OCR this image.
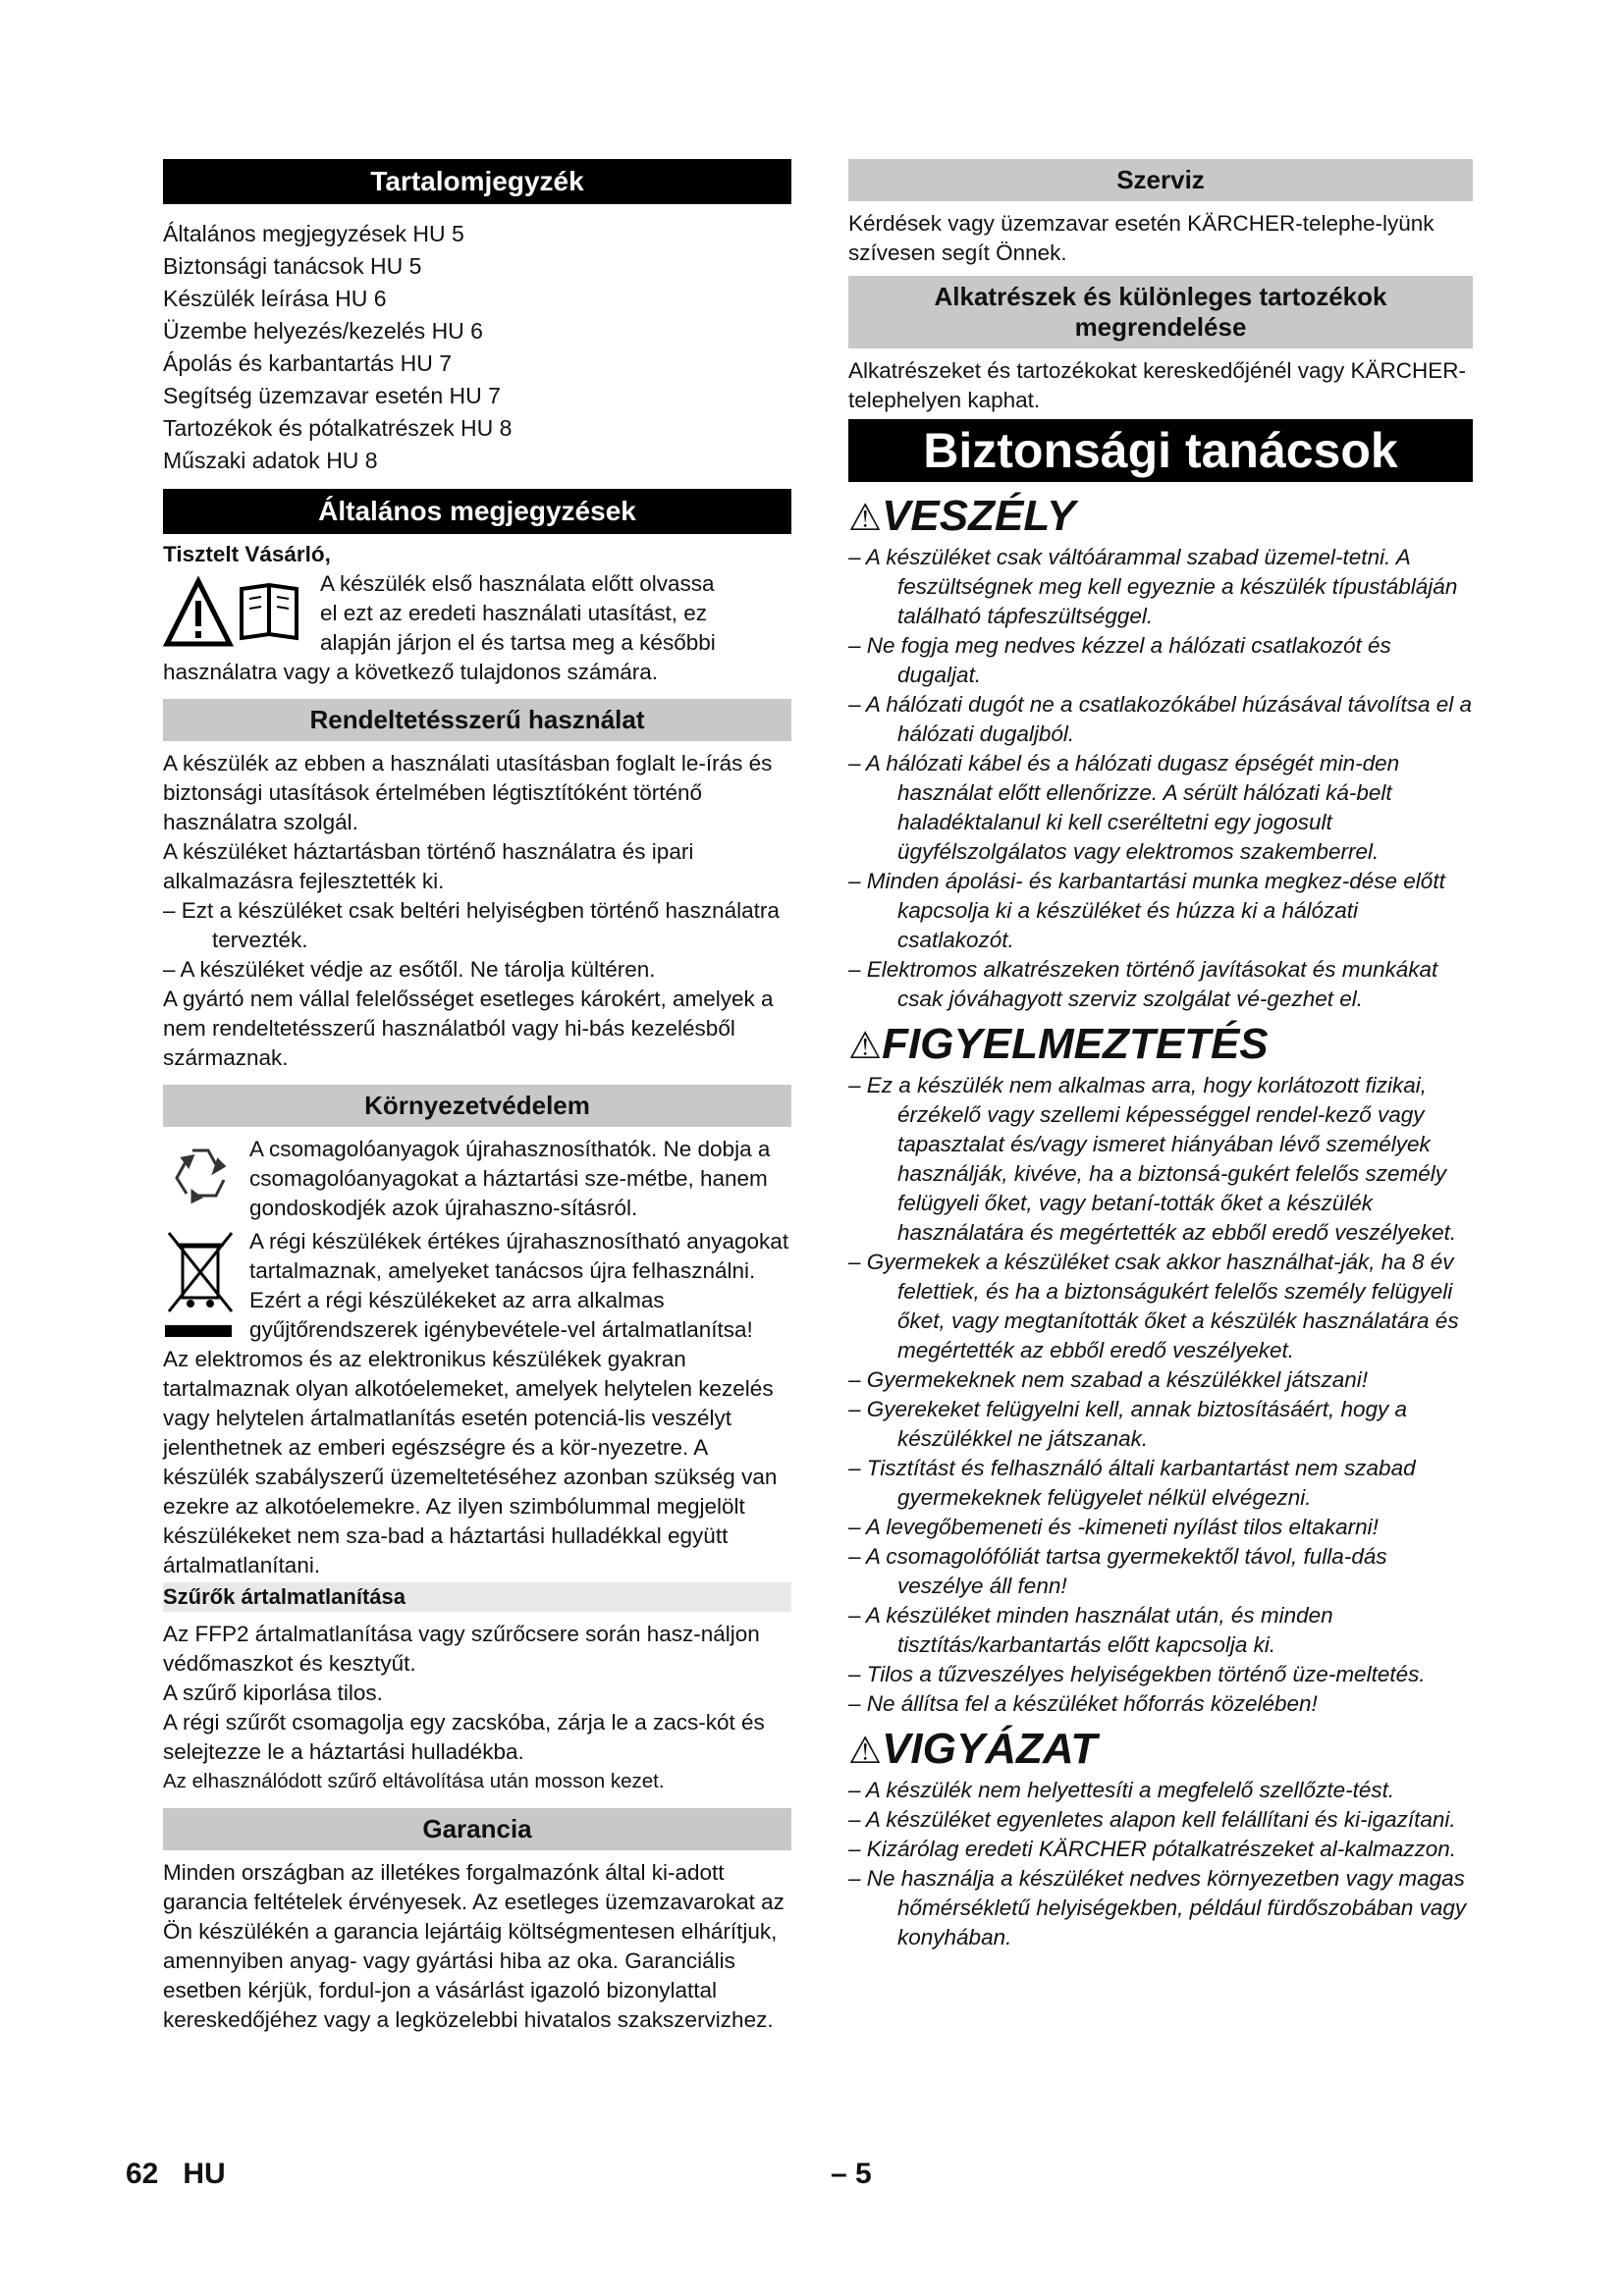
Tartalomjegyzék

Általános megjegyzések HU 5

Biztonsági tanácsok HU 5

Készülék leírása HU 6

Üzembe helyezés/kezelés HU 6

Ápolás és karbantartás HU 7

Segítség üzemzavar esetén HU 7

Tartozékok és pótalkatrészek HU 8

Műszaki adatok HU 8

Általános megjegyzések

Tisztelt Vásárló,

A készülék első használata előtt olvassa

el ezt az eredeti használati utasítást, ez

alapján járjon el és tartsa meg a későbbi

használatra vagy a következő tulajdonos számára.

Rendeltetésszerű használat

A készülék az ebben a használati utasításban foglalt le-írás és biztonsági utasítások értelmében légtisztítóként történő használatra szolgál.

A készüléket háztartásban történő használatra és ipari alkalmazásra fejlesztették ki.

– Ezt a készüléket csak beltéri helyiségben történő használatra tervezték.

– A készüléket védje az esőtől. Ne tárolja kültéren.

A gyártó nem vállal felelősséget esetleges károkért, amelyek a nem rendeltetésszerű használatból vagy hi-bás kezelésből származnak.

Környezetvédelem

A csomagolóanyagok újrahasznosíthatók. Ne dobja a csomagolóanyagokat a háztartási sze-métbe, hanem gondoskodjék azok újrahaszno-sításról.

A régi készülékek értékes újrahasznosítható anyagokat tartalmaznak, amelyeket tanácsos újra felhasználni. Ezért a régi készülékeket az arra alkalmas gyűjtőrendszerek igénybevétele-vel ártalmatlanítsa!

Az elektromos és az elektronikus készülékek gyakran tartalmaznak olyan alkotóelemeket, amelyek helytelen kezelés vagy helytelen ártalmatlanítás esetén potenciá-lis veszélyt jelenthetnek az emberi egészségre és a kör-nyezetre. A készülék szabályszerű üzemeltetéséhez azonban szükség van ezekre az alkotóelemekre. Az ilyen szimbólummal megjelölt készülékeket nem sza-bad a háztartási hulladékkal együtt ártalmatlanítani.

Szűrők ártalmatlanítása

Az FFP2 ártalmatlanítása vagy szűrőcsere során hasz-náljon védőmaszkot és kesztyűt.

A szűrő kiporlása tilos.

A régi szűrőt csomagolja egy zacskóba, zárja le a zacs-kót és selejtezze le a háztartási hulladékba.

Az elhasználódott szűrő eltávolítása után mosson kezet.

Garancia

Minden országban az illetékes forgalmazónk által ki-adott garancia feltételek érvényesek. Az esetleges üzemzavarokat az Ön készülékén a garancia lejártáig költségmentesen elhárítjuk, amennyiben anyag- vagy gyártási hiba az oka. Garanciális esetben kérjük, fordul-jon a vásárlást igazoló bizonylattal kereskedőjéhez vagy a legközelebbi hivatalos szakszervizhez.

Szerviz

Kérdések vagy üzemzavar esetén KÄRCHER-telephe-lyünk szívesen segít Önnek.

Alkatrészek és különleges tartozékok megrendelése

Alkatrészeket és tartozékokat kereskedőjénél vagy KÄRCHER-telephelyen kaphat.

Biztonsági tanácsok
⚠VESZÉLY

– A készüléket csak váltóárammal szabad üzemel-tetni. A feszültségnek meg kell egyeznie a készülék típustábláján található tápfeszültséggel.

– Ne fogja meg nedves kézzel a hálózati csatlakozót és dugaljat.

– A hálózati dugót ne a csatlakozókábel húzásával távolítsa el a hálózati dugaljból.

– A hálózati kábel és a hálózati dugasz épségét min-den használat előtt ellenőrizze. A sérült hálózati ká-belt haladéktalanul ki kell cseréltetni egy jogosult ügyfélszolgálatos vagy elektromos szakemberrel.

– Minden ápolási- és karbantartási munka megkez-dése előtt kapcsolja ki a készüléket és húzza ki a hálózati csatlakozót.

– Elektromos alkatrészeken történő javításokat és munkákat csak jóváhagyott szerviz szolgálat vé-gezhet el.

⚠FIGYELMEZTETÉS

– Ez a készülék nem alkalmas arra, hogy korlátozott fizikai, érzékelő vagy szellemi képességgel rendel-kező vagy tapasztalat és/vagy ismeret hiányában lévő személyek használják, kivéve, ha a biztonsá-gukért felelős személy felügyeli őket, vagy betaní-tották őket a készülék használatára és megértették az ebből eredő veszélyeket.

– Gyermekek a készüléket csak akkor használhat-ják, ha 8 év felettiek, és ha a biztonságukért felelős személy felügyeli őket, vagy megtanították őket a készülék használatára és megértették az ebből eredő veszélyeket.

– Gyermekeknek nem szabad a készülékkel játszani!

– Gyerekeket felügyelni kell, annak biztosításáért, hogy a készülékkel ne játszanak.

– Tisztítást és felhasználó általi karbantartást nem szabad gyermekeknek felügyelet nélkül elvégezni.

– A levegőbemeneti és -kimeneti nyílást tilos eltakarni!

– A csomagolófóliát tartsa gyermekektől távol, fulla-dás veszélye áll fenn!

– A készüléket minden használat után, és minden tisztítás/karbantartás előtt kapcsolja ki.

– Tilos a tűzveszélyes helyiségekben történő üze-meltetés.

– Ne állítsa fel a készüléket hőforrás közelében!

⚠VIGYÁZAT

– A készülék nem helyettesíti a megfelelő szellőzte-tést.

– A készüléket egyenletes alapon kell felállítani és ki-igazítani.

– Kizárólag eredeti KÄRCHER pótalkatrészeket al-kalmazzon.

– Ne használja a készüléket nedves környezetben vagy magas hőmérsékletű helyiségekben, például fürdőszobában vagy konyhában.

62 HU	– 5
